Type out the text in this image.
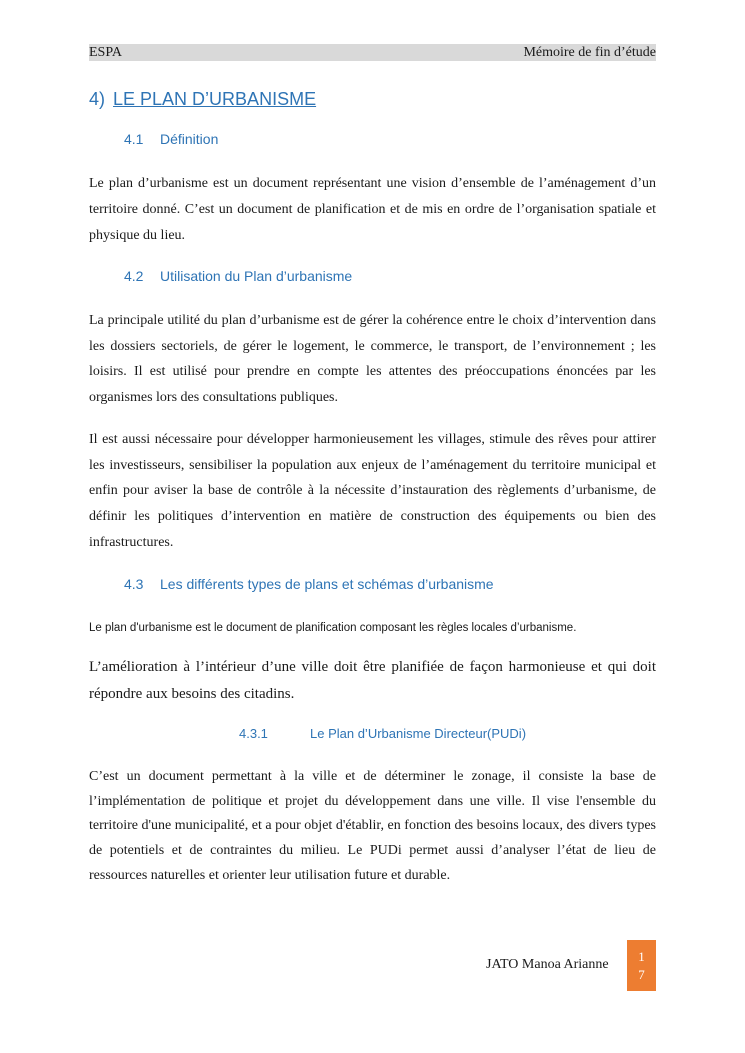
ESPA	Mémoire de fin d’étude
4) LE PLAN D’URBANISME
4.1 Définition

Le plan d’urbanisme est un document représentant une vision d’ensemble de l’aménagement d’un territoire donné. C’est un document de planification et de mis en ordre de l’organisation spatiale et physique du lieu.

4.2 Utilisation du Plan d’urbanisme

La principale utilité du plan d’urbanisme est de gérer la cohérence entre le choix d’intervention dans les dossiers sectoriels, de gérer le logement, le commerce, le transport, de l’environnement ; les loisirs. Il est utilisé pour prendre en compte les attentes des préoccupations énoncées par les organismes lors des consultations publiques.

Il est aussi nécessaire pour développer harmonieusement les villages, stimule des rêves pour attirer les investisseurs, sensibiliser la population aux enjeux de l’aménagement du territoire municipal et enfin pour aviser la base de contrôle à la nécessite d’instauration des règlements d’urbanisme, de définir les politiques d’intervention en matière de construction des équipements ou bien des infrastructures.

4.3 Les différents types de plans et schémas d’urbanisme
Le plan d'urbanisme est le document de planification composant les règles locales d’urbanisme.

L’amélioration à l’intérieur d’une ville doit être planifiée de façon harmonieuse et qui doit répondre aux besoins des citadins.

4.3.1	Le Plan d’Urbanisme Directeur(PUDi)

C’est un document permettant à la ville et de déterminer le zonage, il consiste la base de l’implémentation de politique et projet du développement dans une ville. Il vise l'ensemble du territoire d'une municipalité, et a pour objet d'établir, en fonction des besoins locaux, des divers types de potentiels et de contraintes du milieu. Le PUDi permet aussi d’analyser l’état de lieu de ressources naturelles et orienter leur utilisation future et durable.

JATO Manoa Arianne
1
7
